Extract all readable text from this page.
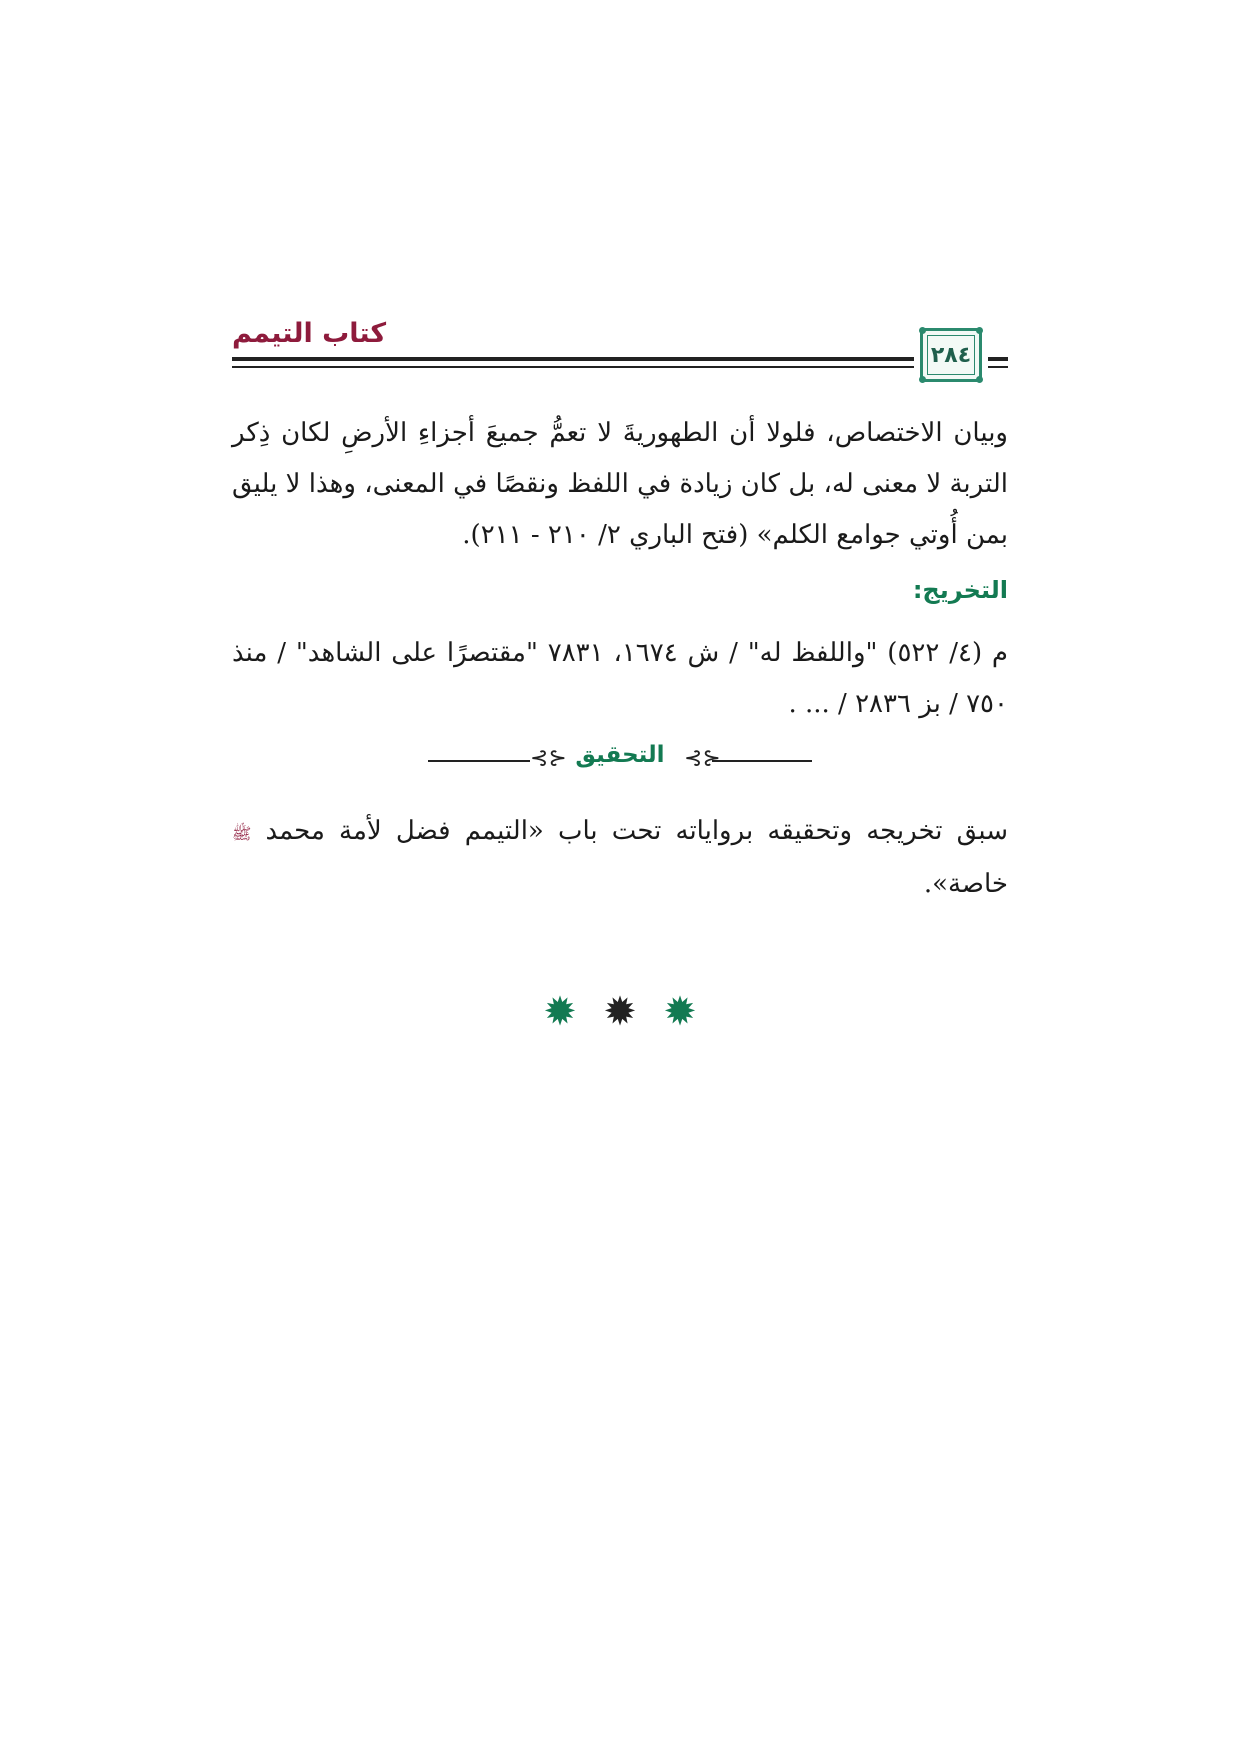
كتاب التيمم
٢٨٤
وبيان الاختصاص، فلولا أن الطهوريةَ لا تعمُّ جميعَ أجزاءِ الأرضِ لكان ذِكر التربة لا معنى له، بل كان زيادة في اللفظ ونقصًا في المعنى، وهذا لا يليق بمن أُوتي جوامع الكلم» (فتح الباري ٢/ ٢١٠ - ٢١١).
التخريج:
م (٤/ ٥٢٢) "واللفظ له" / ش ١٦٧٤، ٧٨٣١ "مقتصرًا على الشاهد" / منذ ٧٥٠ / بز ٢٨٣٦ / ... .
⊰⊱ التحقيق ⊰⊱
سبق تخريجه وتحقيقه برواياته تحت باب «التيمم فضل لأمة محمد ﷺ خاصة».
✹ ✹ ✹
